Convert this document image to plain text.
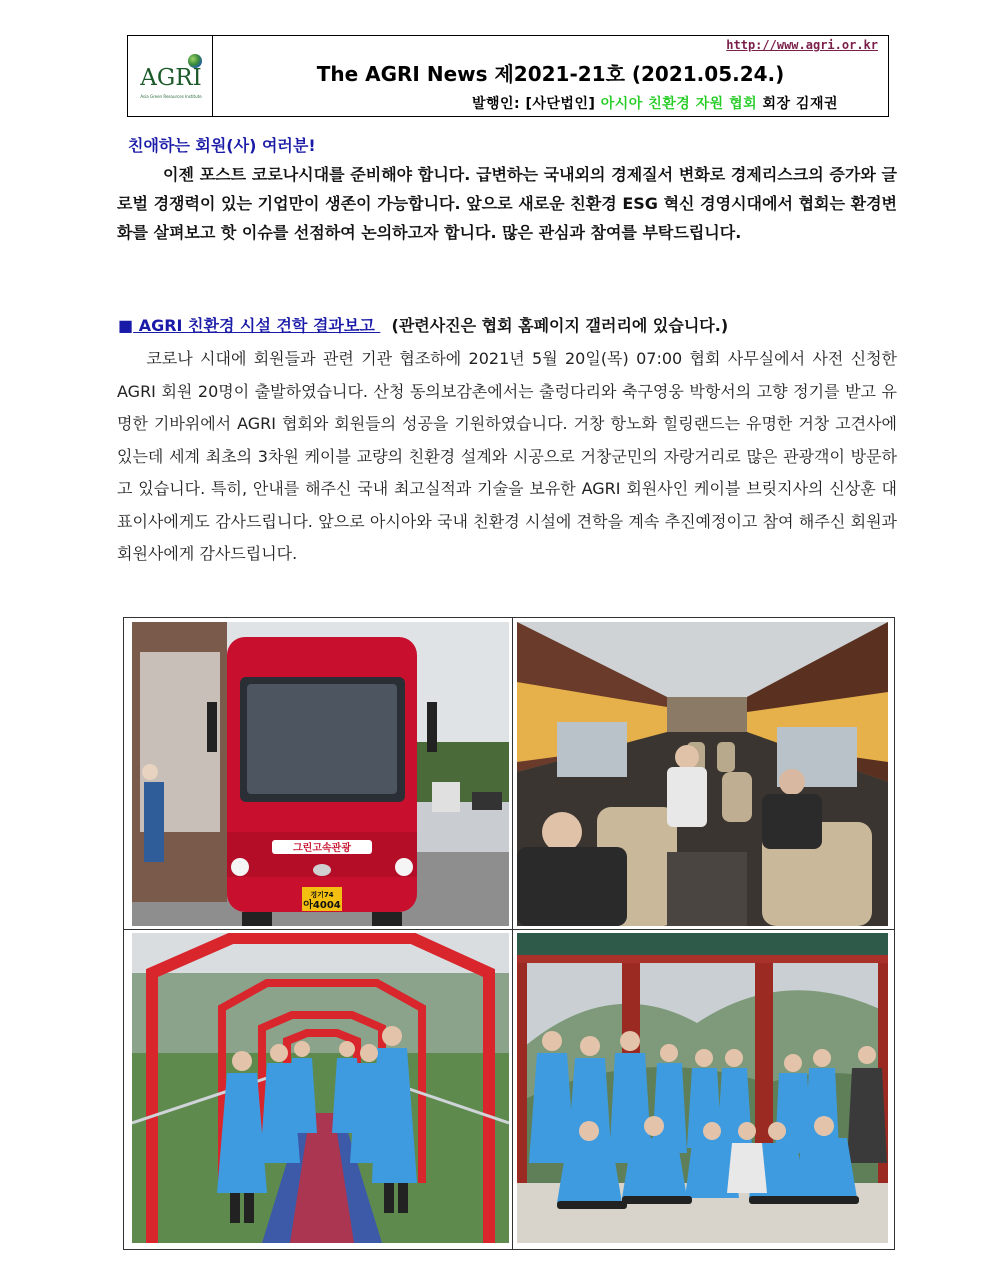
AGRI
Asia Green Resources Institute
http://www.agri.or.kr
The AGRI News 제2021-21호 (2021.05.24.)
발행인: [사단법인] 아시아 친환경 자원 협회 회장 김재권
친애하는 회원(사) 여러분!

이젠 포스트 코로나시대를 준비해야 합니다. 급변하는 국내외의 경제질서 변화로 경제리스크의 증가와 글로벌 경쟁력이 있는 기업만이 생존이 가능합니다. 앞으로 새로운 친환경 ESG 혁신 경영시대에서 협회는 환경변화를 살펴보고 핫 이슈를 선점하여 논의하고자 합니다. 많은 관심과 참여를 부탁드립니다.

■ AGRI 친환경 시설 견학 결과보고   (관련사진은 협회 홈페이지 갤러리에 있습니다.)

코로나 시대에 회원들과 관련 기관 협조하에 2021년 5월 20일(목) 07:00 협회 사무실에서 사전 신청한 AGRI 회원 20명이 출발하였습니다. 산청 동의보감촌에서는 출렁다리와 축구영웅 박항서의 고향 정기를 받고 유명한 기바위에서 AGRI 협회와 회원들의 성공을 기원하였습니다. 거창 항노화 힐링랜드는 유명한 거창 고견사에 있는데 세계 최초의 3차원 케이블 교량의 친환경 설계와 시공으로 거창군민의 자랑거리로 많은 관광객이 방문하고 있습니다. 특히, 안내를 해주신 국내 최고실적과 기술을 보유한 AGRI 회원사인 케이블 브릿지사의 신상훈 대표이사에게도 감사드립니다. 앞으로 아시아와 국내 친환경 시설에 견학을 계속 추진예정이고 참여 해주신 회원과 회원사에게 감사드립니다.

그린고속관광
경기74
아4004
